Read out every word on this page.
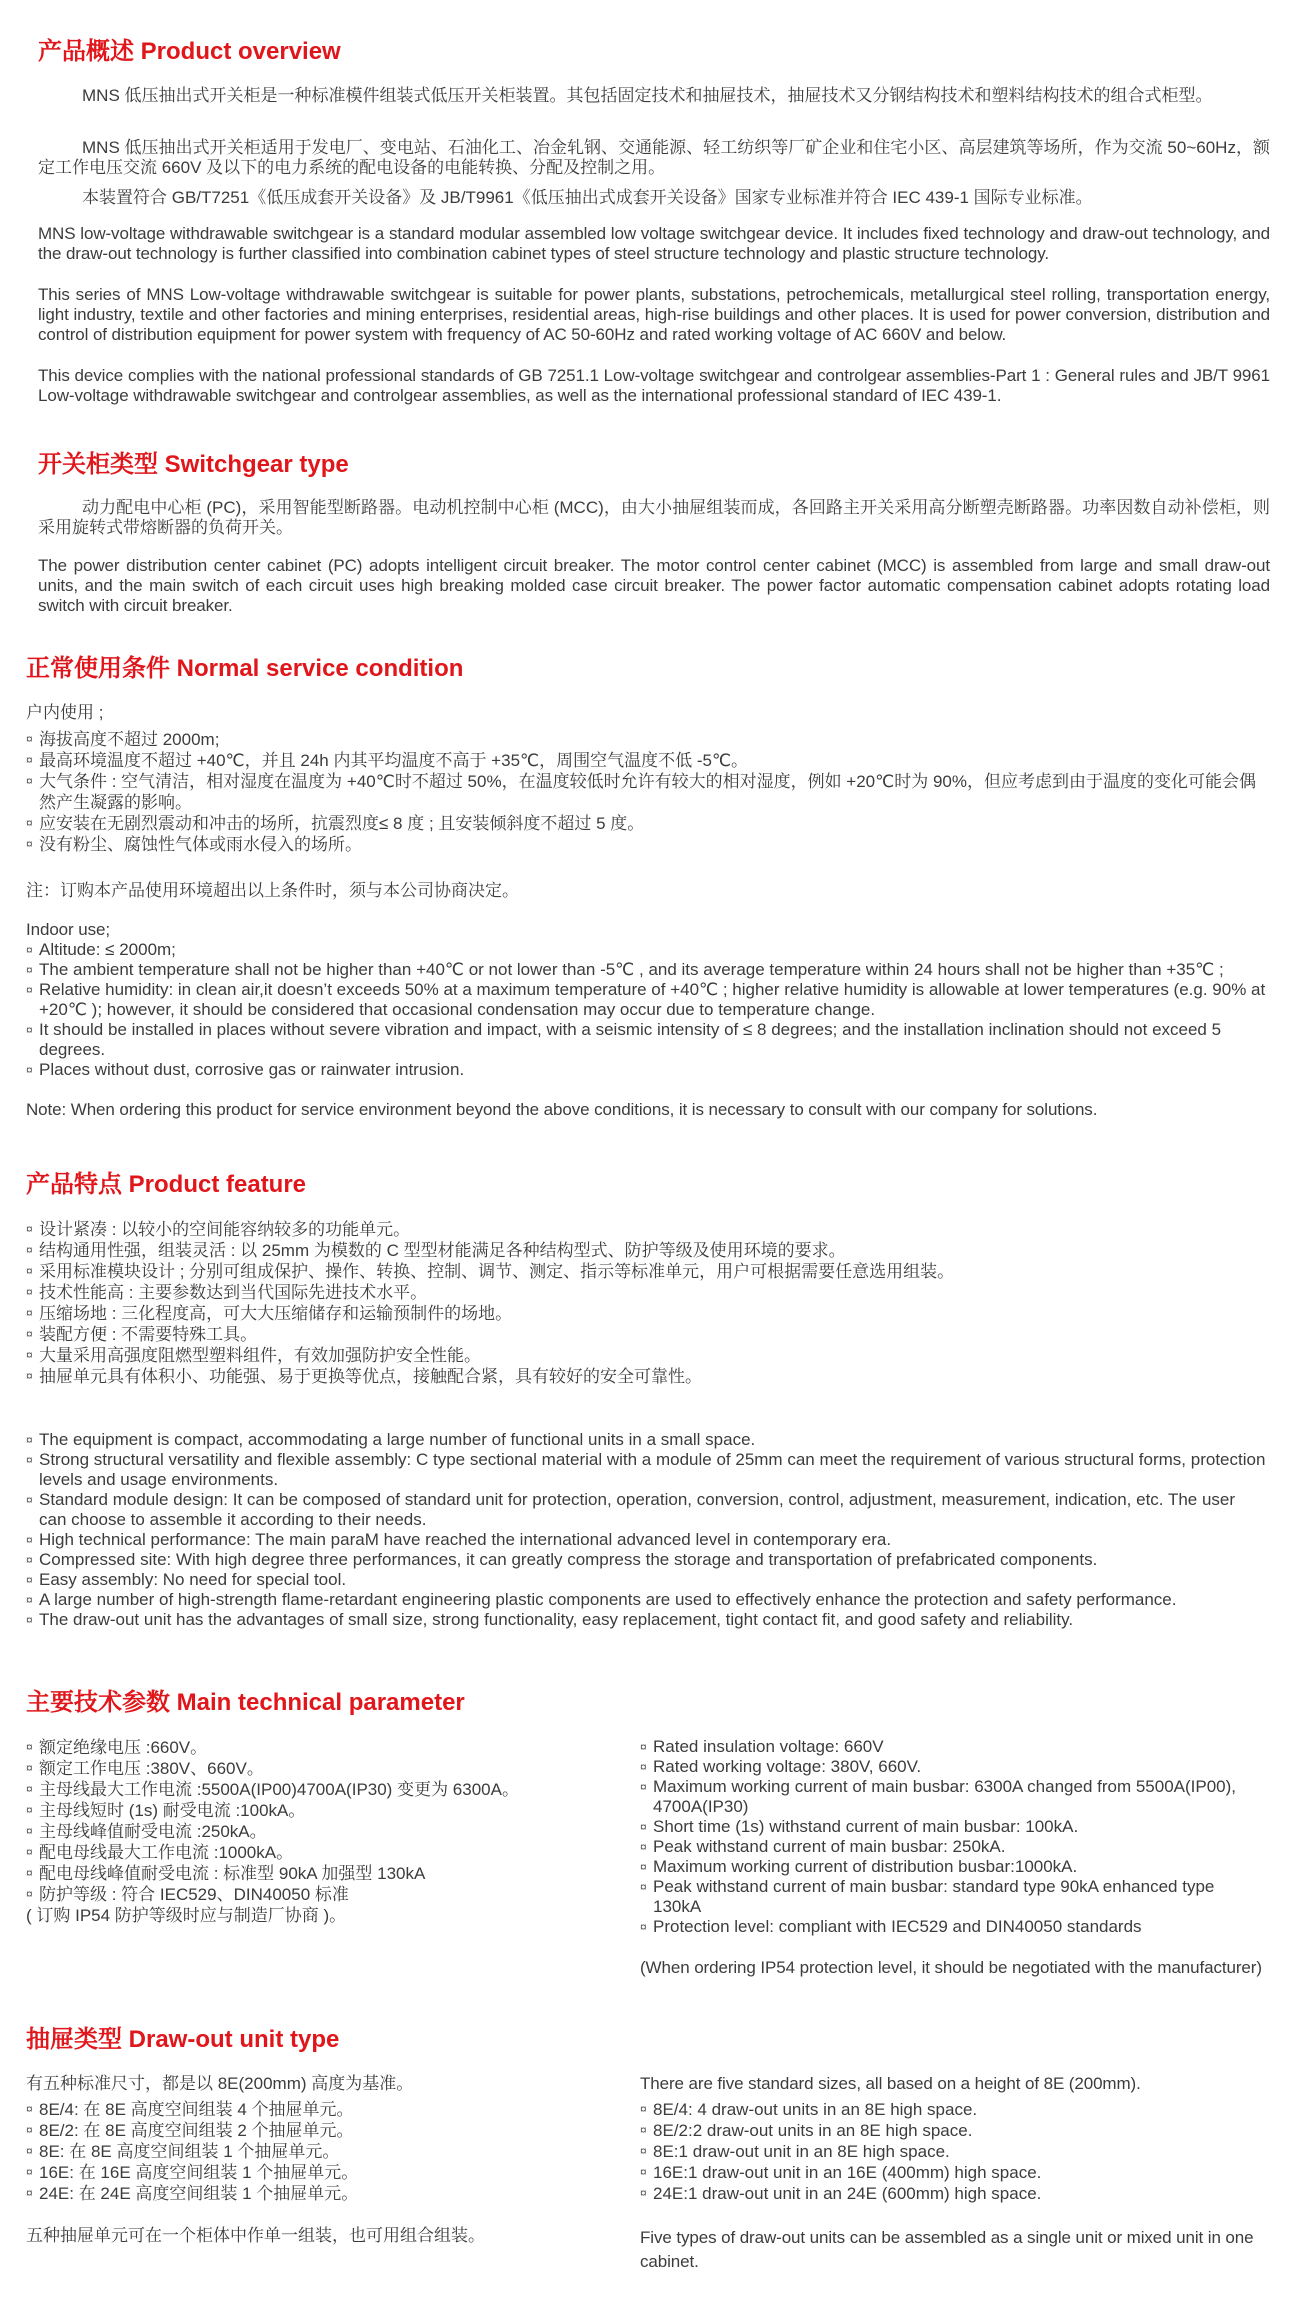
产品概述 Product overview

MNS 低压抽出式开关柜是一种标准模件组装式低压开关柜装置。其包括固定技术和抽屉技术，抽屉技术又分钢结构技术和塑料结构技术的组合式柜型。

MNS 低压抽出式开关柜适用于发电厂、变电站、石油化工、冶金轧钢、交通能源、轻工纺织等厂矿企业和住宅小区、高层建筑等场所，作为交流 50~60Hz，额定工作电压交流 660V 及以下的电力系统的配电设备的电能转换、分配及控制之用。

本装置符合 GB/T7251《低压成套开关设备》及 JB/T9961《低压抽出式成套开关设备》国家专业标准并符合 IEC 439-1 国际专业标准。

MNS low-voltage withdrawable switchgear is a standard modular assembled low voltage switchgear device. It includes fixed technology and draw-out technology, and the draw-out technology is further classified into combination cabinet types of steel structure technology and plastic structure technology.

This series of MNS Low-voltage withdrawable switchgear is suitable for power plants, substations, petrochemicals, metallurgical steel rolling, transportation energy, light industry, textile and other factories and mining enterprises, residential areas, high-rise buildings and other places. It is used for power conversion, distribution and control of distribution equipment for power system with frequency of AC 50-60Hz and rated working voltage of AC 660V and below.

This device complies with the national professional standards of GB 7251.1 Low-voltage switchgear and controlgear assemblies-Part 1 : General rules and JB/T 9961 Low-voltage withdrawable switchgear and controlgear assemblies, as well as the international professional standard of IEC 439-1.

开关柜类型 Switchgear type

动力配电中心柜 (PC)，采用智能型断路器。电动机控制中心柜 (MCC)，由大小抽屉组装而成，各回路主开关采用高分断塑壳断路器。功率因数自动补偿柜，则采用旋转式带熔断器的负荷开关。

The power distribution center cabinet (PC) adopts intelligent circuit breaker. The motor control center cabinet (MCC) is assembled from large and small draw-out units, and the main switch of each circuit uses high breaking molded case circuit breaker. The power factor automatic compensation cabinet adopts rotating load switch with circuit breaker.

正常使用条件 Normal service condition

户内使用 ;

¤ 海拔高度不超过 2000m;
¤ 最高环境温度不超过 +40℃，并且 24h 内其平均温度不高于 +35℃，周围空气温度不低 -5℃。
¤ 大气条件 : 空气清洁，相对湿度在温度为 +40℃时不超过 50%，在温度较低时允许有较大的相对湿度，例如 +20℃时为 90%，但应考虑到由于温度的变化可能会偶然产生凝露的影响。
¤ 应安装在无剧烈震动和冲击的场所，抗震烈度≤ 8 度 ; 且安装倾斜度不超过 5 度。
¤ 没有粉尘、腐蚀性气体或雨水侵入的场所。

注：订购本产品使用环境超出以上条件时，须与本公司协商决定。

Indoor use;

¤ Altitude: ≤ 2000m;
¤ The ambient temperature shall not be higher than +40℃ or not lower than -5℃ , and its average temperature within 24 hours shall not be higher than +35℃ ;
¤ Relative humidity: in clean air,it doesn’t exceeds 50% at a maximum temperature of +40℃ ; higher relative humidity is allowable at lower temperatures (e.g. 90% at +20℃ ); however, it should be considered that occasional condensation may occur due to temperature change.
¤ It should be installed in places without severe vibration and impact, with a seismic intensity of ≤ 8 degrees; and the installation inclination should not exceed 5 degrees.
¤ Places without dust, corrosive gas or rainwater intrusion.

Note: When ordering this product for service environment beyond the above conditions, it is necessary to consult with our company for solutions.

产品特点 Product feature
¤ 设计紧凑 : 以较小的空间能容纳较多的功能单元。
¤ 结构通用性强，组装灵活 : 以 25mm 为模数的 C 型型材能满足各种结构型式、防护等级及使用环境的要求。
¤ 采用标准模块设计 ; 分别可组成保护、操作、转换、控制、调节、测定、指示等标准单元，用户可根据需要任意选用组装。
¤ 技术性能高 : 主要参数达到当代国际先进技术水平。
¤ 压缩场地 : 三化程度高，可大大压缩储存和运输预制件的场地。
¤ 装配方便 : 不需要特殊工具。
¤ 大量采用高强度阻燃型塑料组件，有效加强防护安全性能。
¤ 抽屉单元具有体积小、功能强、易于更换等优点，接触配合紧，具有较好的安全可靠性。
¤ The equipment is compact, accommodating a large number of functional units in a small space.
¤ Strong structural versatility and flexible assembly: C type sectional material with a module of 25mm can meet the requirement of various structural forms, protection levels and usage environments.
¤ Standard module design: It can be composed of standard unit for protection, operation, conversion, control, adjustment, measurement, indication, etc. The user can choose to assemble it according to their needs.
¤ High technical performance: The main paraM have reached the international advanced level in contemporary era.
¤ Compressed site: With high degree three performances, it can greatly compress the storage and transportation of prefabricated components.
¤ Easy assembly: No need for special tool.
¤ A large number of high-strength flame-retardant engineering plastic components are used to effectively enhance the protection and safety performance.
¤ The draw-out unit has the advantages of small size, strong functionality, easy replacement, tight contact fit, and good safety and reliability.
主要技术参数 Main technical parameter
¤ 额定绝缘电压 :660V。
¤ 额定工作电压 :380V、660V。
¤ 主母线最大工作电流 :5500A(IP00)4700A(IP30) 变更为 6300A。
¤ 主母线短时 (1s) 耐受电流 :100kA。
¤ 主母线峰值耐受电流 :250kA。
¤ 配电母线最大工作电流 :1000kA。
¤ 配电母线峰值耐受电流 : 标准型 90kA 加强型 130kA
¤ 防护等级 : 符合 IEC529、DIN40050 标准

( 订购 IP54 防护等级时应与制造厂协商 )。

¤ Rated insulation voltage: 660V
¤ Rated working voltage: 380V, 660V.
¤ Maximum working current of main busbar: 6300A changed from 5500A(IP00), 4700A(IP30)
¤ Short time (1s) withstand current of main busbar: 100kA.
¤ Peak withstand current of main busbar: 250kA.
¤ Maximum working current of distribution busbar:1000kA.
¤ Peak withstand current of main busbar: standard type 90kA enhanced type 130kA
¤ Protection level: compliant with IEC529 and DIN40050 standards

(When ordering IP54 protection level, it should be negotiated with the manufacturer)

抽屉类型 Draw-out unit type

有五种标准尺寸，都是以 8E(200mm) 高度为基准。

¤ 8E/4: 在 8E 高度空间组装 4 个抽屉单元。
¤ 8E/2: 在 8E 高度空间组装 2 个抽屉单元。
¤ 8E: 在 8E 高度空间组装 1 个抽屉单元。
¤ 16E: 在 16E 高度空间组装 1 个抽屉单元。
¤ 24E: 在 24E 高度空间组装 1 个抽屉单元。

五种抽屉单元可在一个柜体中作单一组装，也可用组合组装。

There are five standard sizes, all based on a height of 8E (200mm).

¤ 8E/4: 4 draw-out units in an 8E high space.
¤ 8E/2:2 draw-out units in an 8E high space.
¤ 8E:1 draw-out unit in an 8E high space.
¤ 16E:1 draw-out unit in an 16E (400mm) high space.
¤ 24E:1 draw-out unit in an 24E (600mm) high space.

Five types of draw-out units can be assembled as a single unit or mixed unit in one cabinet.
